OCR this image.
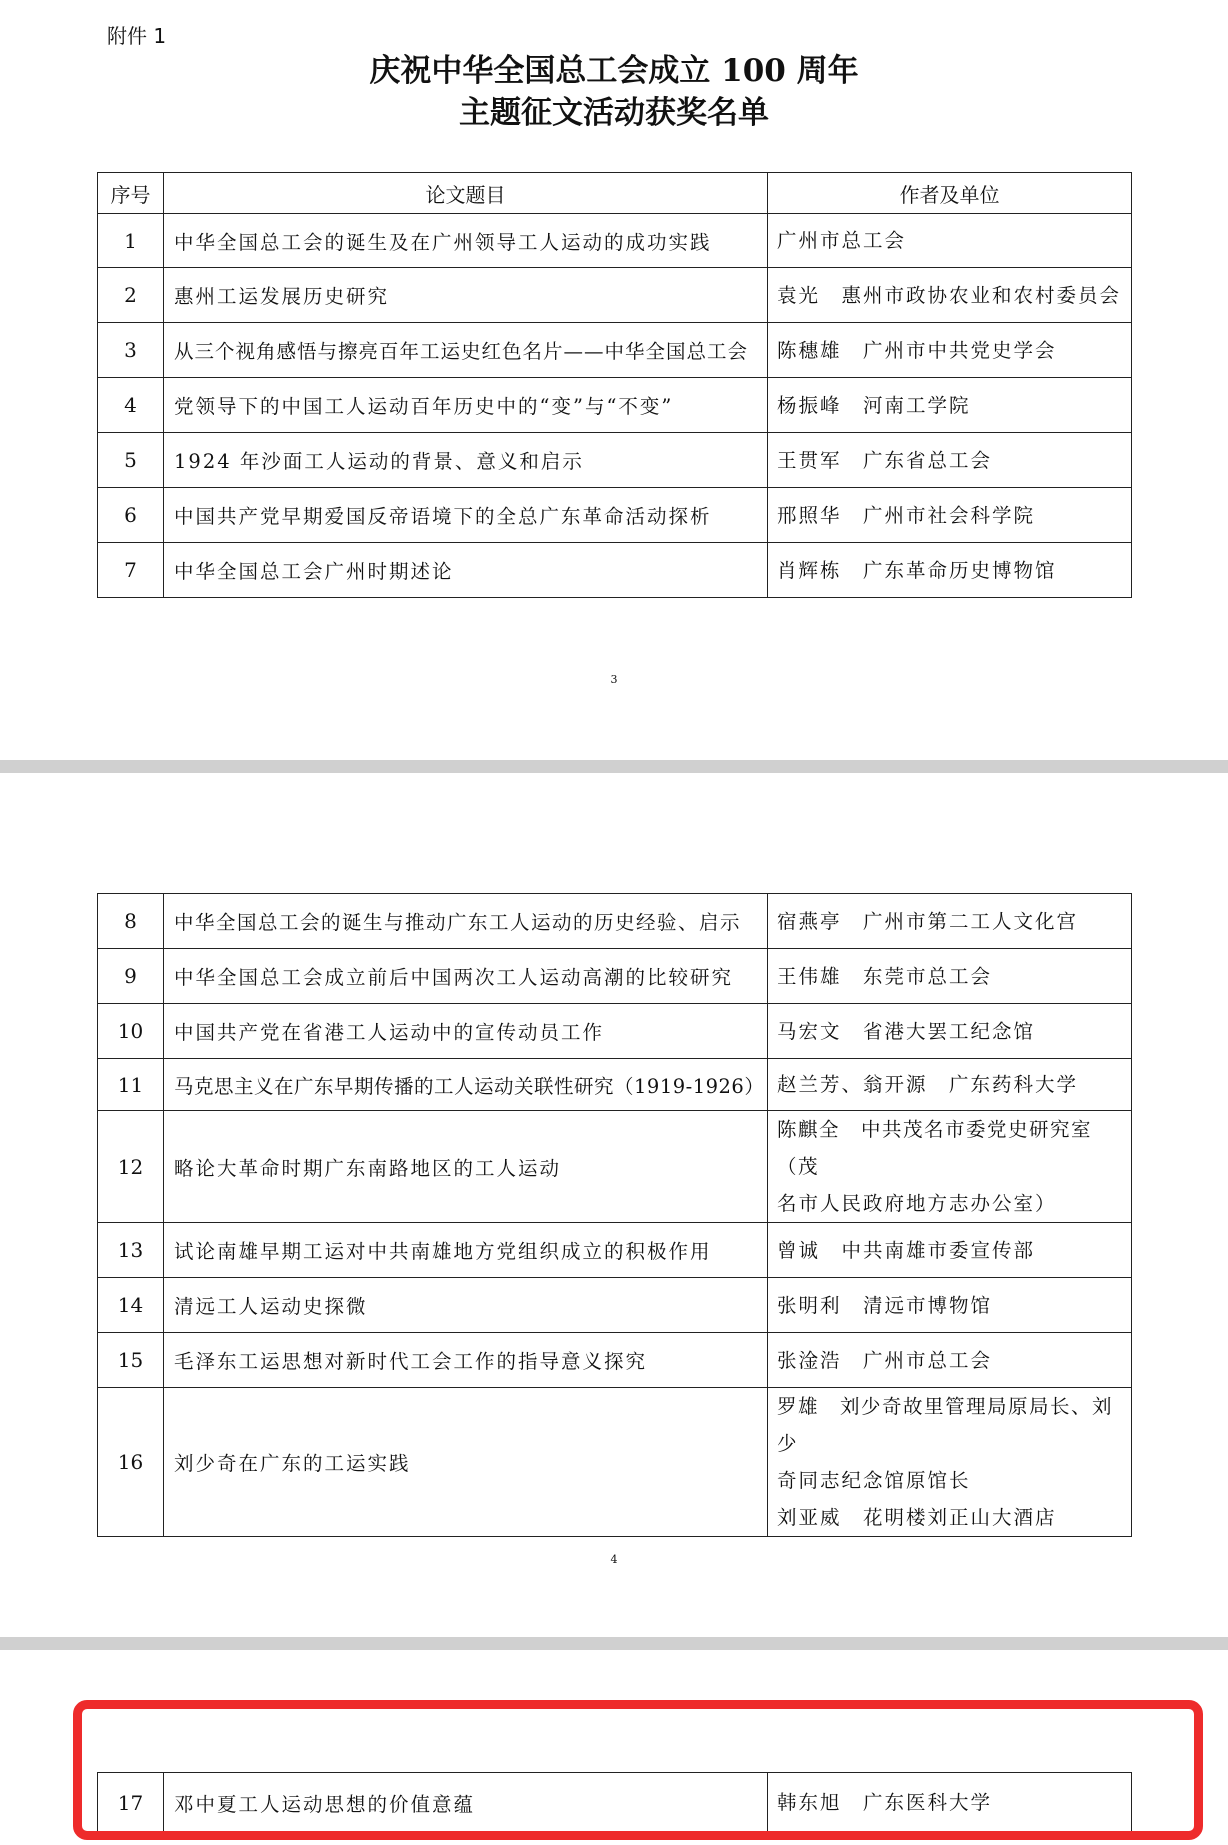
附件 1
庆祝中华全国总工会成立 100 周年
主题征文活动获奖名单
序号	论文题目	作者及单位
1	中华全国总工会的诞生及在广州领导工人运动的成功实践	广州市总工会

2	惠州工运发展历史研究	袁光　惠州市政协农业和农村委员会

3	从三个视角感悟与擦亮百年工运史红色名片——中华全国总工会	陈穗雄　广州市中共党史学会

4	党领导下的中国工人运动百年历史中的“变”与“不变”	杨振峰　河南工学院

5	1924 年沙面工人运动的背景、意义和启示	王贯军　广东省总工会

6	中国共产党早期爱国反帝语境下的全总广东革命活动探析	邢照华　广州市社会科学院

7	中华全国总工会广州时期述论	肖辉栋　广东革命历史博物馆
3
8	中华全国总工会的诞生与推动广东工人运动的历史经验、启示	宿燕亭　广州市第二工人文化宫

9	中华全国总工会成立前后中国两次工人运动高潮的比较研究	王伟雄　东莞市总工会

10	中国共产党在省港工人运动中的宣传动员工作	马宏文　省港大罢工纪念馆

11	马克思主义在广东早期传播的工人运动关联性研究（1919-1926）	赵兰芳、翁开源　广东药科大学

12	略论大革命时期广东南路地区的工人运动	陈麒全　中共茂名市委党史研究室（茂
名市人民政府地方志办公室）

13	试论南雄早期工运对中共南雄地方党组织成立的积极作用	曾诚　中共南雄市委宣传部

14	清远工人运动史探微	张明利　清远市博物馆

15	毛泽东工运思想对新时代工会工作的指导意义探究	张淦浩　广州市总工会

16	刘少奇在广东的工运实践	罗雄　刘少奇故里管理局原局长、刘少
奇同志纪念馆原馆长
刘亚威　花明楼刘正山大酒店
4
17	邓中夏工人运动思想的价值意蕴	韩东旭　广东医科大学
